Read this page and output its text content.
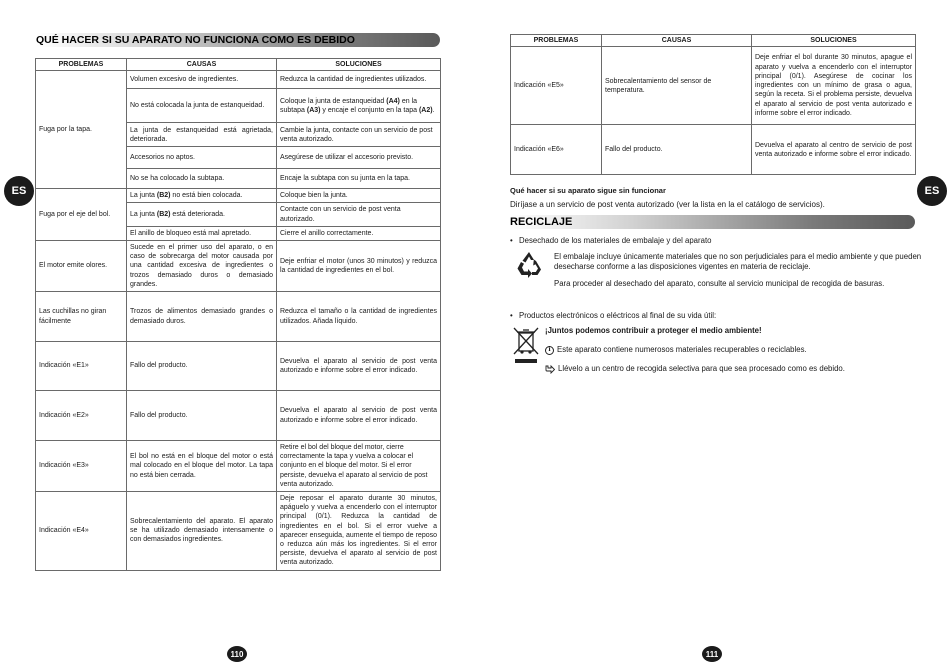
ES
QUÉ HACER SI SU APARATO NO FUNCIONA COMO ES DEBIDO
PROBLEMAS	CAUSAS	SOLUCIONES
Fuga por la tapa.	Volumen excesivo de ingredientes.	Reduzca la cantidad de ingredientes utilizados.
	No está colocada la junta de estanqueidad.	Coloque la junta de estanqueidad (A4) en la subtapa (A3) y encaje el conjunto en la tapa (A2).
	La junta de estanqueidad está agrietada, deteriorada.	Cambie la junta, contacte con un servicio de post venta autorizado.
	Accesorios no aptos.	Asegúrese de utilizar el accesorio previsto.
	No se ha colocado la subtapa.	Encaje la subtapa con su junta en la tapa.
Fuga por el eje del bol.	La junta (B2) no está bien colocada.	Coloque bien la junta.
	La junta (B2) está deteriorada.	Contacte con un servicio de post venta autorizado.
	El anillo de bloqueo está mal apretado.	Cierre el anillo correctamente.
El motor emite olores.	Sucede en el primer uso del aparato, o en caso de sobrecarga del motor causada por una cantidad excesiva de ingredientes o trozos demasiado duros o demasiado grandes.	Deje enfriar el motor (unos 30 minutos) y reduzca la cantidad de ingredientes en el bol.
Las cuchillas no giran fácilmente	Trozos de alimentos demasiado grandes o demasiado duros.	Reduzca el tamaño o la cantidad de ingredientes utilizados. Añada líquido.
Indicación «E1»	Fallo del producto.	Devuelva el aparato al servicio de post venta autorizado e informe sobre el error indicado.
Indicación «E2»	Fallo del producto.	Devuelva el aparato al servicio de post venta autorizado e informe sobre el error indicado.
Indicación «E3»	El bol no está en el bloque del motor o está mal colocado en el bloque del motor. La tapa no está bien cerrada.	Retire el bol del bloque del motor, cierre correctamente la tapa y vuelva a colocar el conjunto en el bloque del motor. Si el error persiste, devuelva el aparato al servicio de post venta autorizado.
Indicación «E4»	Sobrecalentamiento del aparato. El aparato se ha utilizado demasiado intensamente o con demasiados ingredientes.	Deje reposar el aparato durante 30 minutos, apáguelo y vuelva a encenderlo con el interruptor principal (0/1). Reduzca la cantidad de ingredientes en el bol. Si el error vuelve a aparecer enseguida, aumente el tiempo de reposo o reduzca aún más los ingredientes. Si el error persiste, devuelva el aparato al servicio de post venta autorizado.
110
ES
PROBLEMAS	CAUSAS	SOLUCIONES
Indicación «E5»	Sobrecalentamiento del sensor de temperatura.	Deje enfriar el bol durante 30 minutos, apague el aparato y vuelva a encenderlo con el interruptor principal (0/1). Asegúrese de cocinar los ingredientes con un mínimo de grasa o agua, según la receta. Si el problema persiste, devuelva el aparato al servicio de post venta autorizado e informe sobre el error indicado.
Indicación «E6»	Fallo del producto.	Devuelva el aparato al centro de servicio de post venta autorizado e informe sobre el error indicado.
Qué hacer si su aparato sigue sin funcionar
Diríjase a un servicio de post venta autorizado (ver la lista en la el catálogo de servicios).
RECICLAJE
• Desechado de los materiales de embalaje y del aparato
El embalaje incluye únicamente materiales que no son perjudiciales para el medio ambiente y que pueden desecharse conforme a las disposiciones vigentes en materia de reciclaje.
Para proceder al desechado del aparato, consulte al servicio municipal de recogida de basuras.
• Productos electrónicos o eléctricos al final de su vida útil:
¡Juntos podemos contribuir a proteger el medio ambiente!
i Este aparato contiene numerosos materiales recuperables o reciclables.
Llévelo a un centro de recogida selectiva para que sea procesado como es debido.
111
